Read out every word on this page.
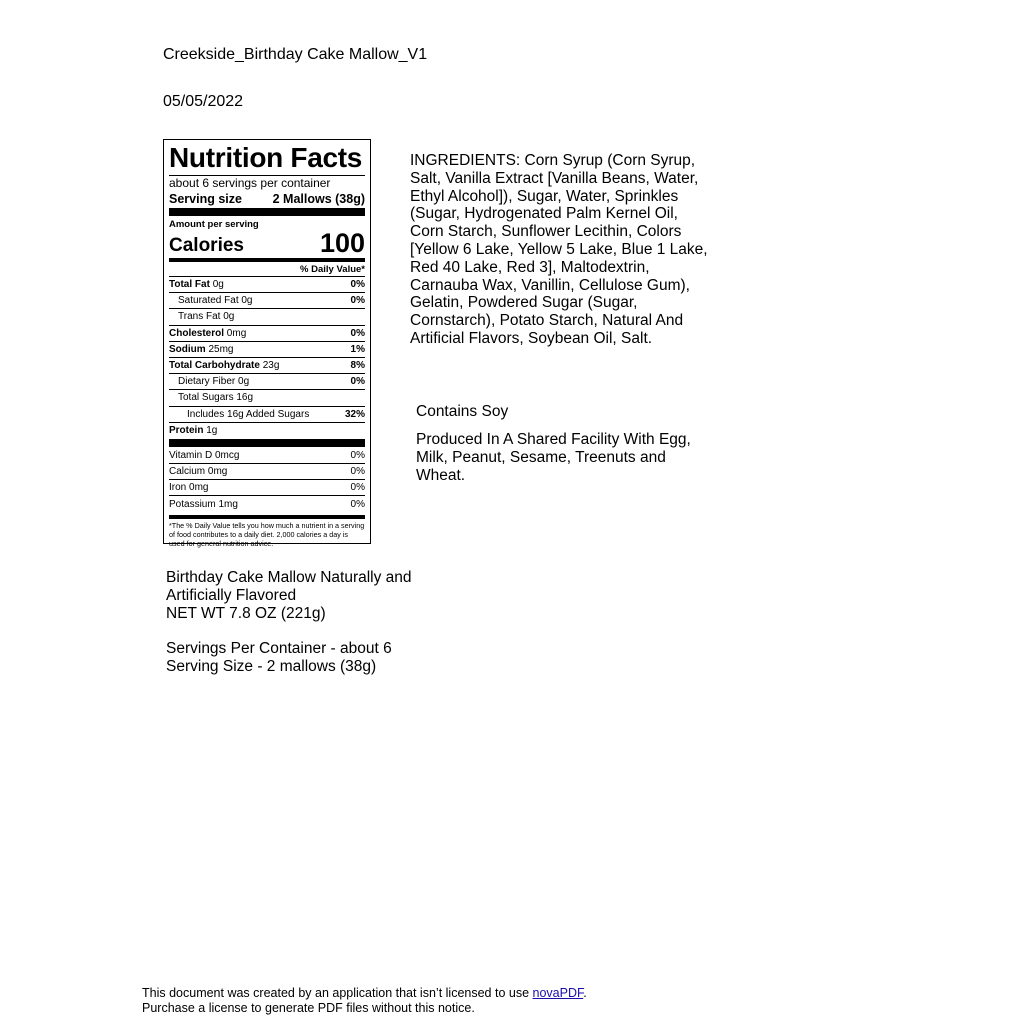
Creekside_Birthday Cake Mallow_V1
05/05/2022
Nutrition Facts
about 6 servings per container
Serving size 2 Mallows (38g)
Amount per serving
Calories	100
% Daily Value*
Total Fat 0g	0%
Saturated Fat 0g	0%
Trans Fat 0g
Cholesterol 0mg	0%
Sodium 25mg	1%
Total Carbohydrate 23g	8%
Dietary Fiber 0g	0%
Total Sugars 16g
Includes 16g Added Sugars	32%
Protein 1g
Vitamin D 0mcg	0%
Calcium 0mg	0%
Iron 0mg	0%
Potassium 1mg	0%
*The % Daily Value tells you how much a nutrient in a serving of food contributes to a daily diet. 2,000 calories a day is used for general nutrition advice.
INGREDIENTS: Corn Syrup (Corn Syrup, Salt, Vanilla Extract [Vanilla Beans, Water, Ethyl Alcohol]), Sugar, Water, Sprinkles (Sugar, Hydrogenated Palm Kernel Oil, Corn Starch, Sunflower Lecithin, Colors [Yellow 6 Lake, Yellow 5 Lake, Blue 1 Lake, Red 40 Lake, Red 3], Maltodextrin, Carnauba Wax, Vanillin, Cellulose Gum), Gelatin, Powdered Sugar (Sugar, Cornstarch), Potato Starch, Natural And Artificial Flavors, Soybean Oil, Salt.
Contains Soy
Produced In A Shared Facility With Egg, Milk, Peanut, Sesame, Treenuts and Wheat.
Birthday Cake Mallow Naturally and
Artificially Flavored
NET WT 7.8 OZ (221g)
Servings Per Container - about 6
Serving Size - 2 mallows (38g)
This document was created by an application that isn’t licensed to use novaPDF.
Purchase a license to generate PDF files without this notice.
